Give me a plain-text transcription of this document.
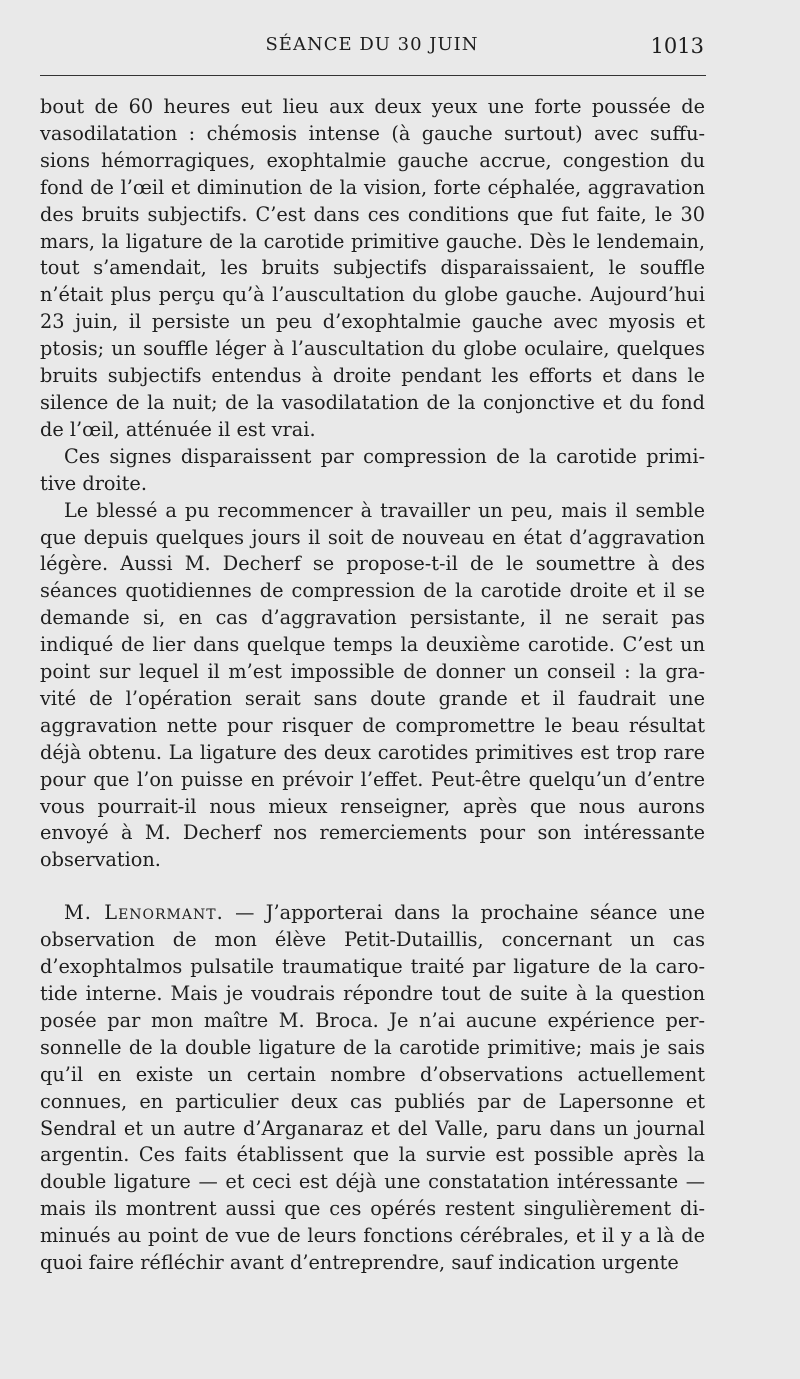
SÉANCE DU 30 JUIN	1013

bout de 60 heures eut lieu aux deux yeux une forte poussée de vasodilatation : chémosis intense (à gauche surtout) avec suffusions hémorragiques, exophtalmie gauche accrue, congestion du fond de l’œil et diminution de la vision, forte céphalée, aggravation des bruits subjectifs. C’est dans ces conditions que fut faite, le 30 mars, la ligature de la carotide primitive gauche. Dès le lendemain, tout s’amendait, les bruits subjectifs disparaissaient, le souffle n’était plus perçu qu’à l’auscultation du globe gauche. Aujourd’hui 23 juin, il persiste un peu d’exophtalmie gauche avec myosis et ptosis; un souffle léger à l’auscultation du globe oculaire, quelques bruits subjectifs entendus à droite pendant les efforts et dans le silence de la nuit; de la vasodilatation de la conjonctive et du fond de l’œil, atténuée il est vrai.

Ces signes disparaissent par compression de la carotide primitive droite.

Le blessé a pu recommencer à travailler un peu, mais il semble que depuis quelques jours il soit de nouveau en état d’aggravation légère. Aussi M. Decherf se propose-t-il de le soumettre à des séances quotidiennes de compression de la carotide droite et il se demande si, en cas d’aggravation persistante, il ne serait pas indiqué de lier dans quelque temps la deuxième carotide. C’est un point sur lequel il m’est impossible de donner un conseil : la gravité de l’opération serait sans doute grande et il faudrait une aggravation nette pour risquer de compromettre le beau résultat déjà obtenu. La ligature des deux carotides primitives est trop rare pour que l’on puisse en prévoir l’effet. Peut-être quelqu’un d’entre vous pourrait-il nous mieux renseigner, après que nous aurons envoyé à M. Decherf nos remerciements pour son intéressante observation.

M. Lenormant. — J’apporterai dans la prochaine séance une observation de mon élève Petit-Dutaillis, concernant un cas d’exophtalmos pulsatile traumatique traité par ligature de la carotide interne. Mais je voudrais répondre tout de suite à la question posée par mon maître M. Broca. Je n’ai aucune expérience personnelle de la double ligature de la carotide primitive; mais je sais qu’il en existe un certain nombre d’observations actuellement connues, en particulier deux cas publiés par de Lapersonne et Sendral et un autre d’Arganaraz et del Valle, paru dans un journal argentin. Ces faits établissent que la survie est possible après la double ligature — et ceci est déjà une constatation intéressante — mais ils montrent aussi que ces opérés restent singulièrement diminués au point de vue de leurs fonctions cérébrales, et il y a là de quoi faire réfléchir avant d’entreprendre, sauf indication urgente
